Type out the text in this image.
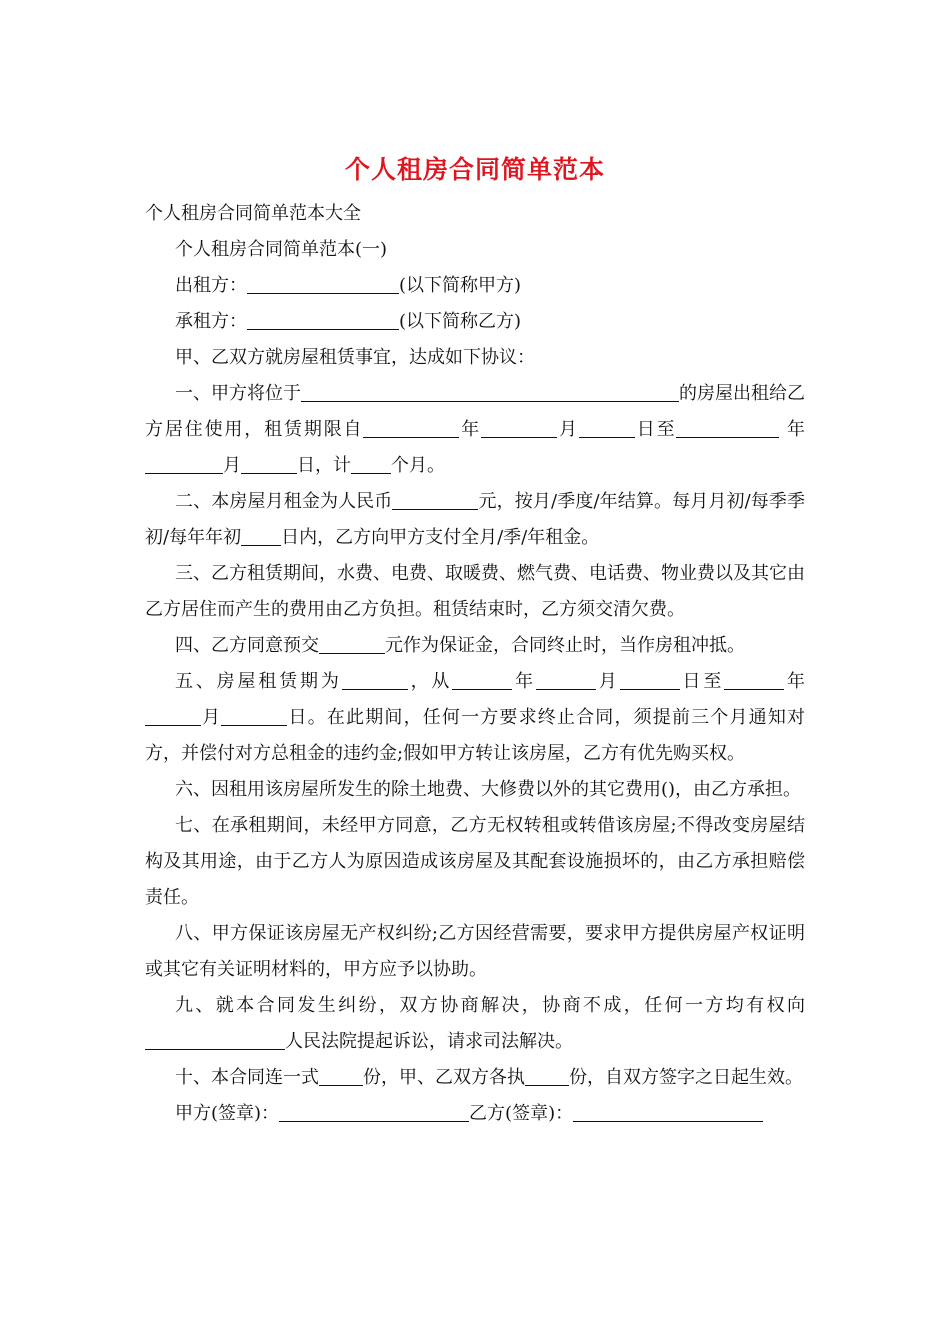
个人租房合同简单范本

个人租房合同简单范本大全

个人租房合同简单范本(一)

出租方：	(以下简称甲方)

承租方：	(以下简称乙方)

甲、乙双方就房屋租赁事宜，达成如下协议：

一、甲方将位于	的房屋出租给乙方居住使用，租赁期限自	年	月	日至	年月	日，计 个月。

二、本房屋月租金为人民币	元，按月/季度/年结算。每月月初/每季季初/每年年初 日内，乙方向甲方支付全月/季/年租金。

三、乙方租赁期间，水费、电费、取暖费、燃气费、电话费、物业费以及其它由乙方居住而产生的费用由乙方负担。租赁结束时，乙方须交清欠费。

四、乙方同意预交	元作为保证金，合同终止时，当作房租冲抵。

五、房屋租赁期为	，从	年	月	日至	年月	日。在此期间，任何一方要求终止合同，须提前三个月通知对方，并偿付对方总租金的违约金;假如甲方转让该房屋，乙方有优先购买权。

六、因租用该房屋所发生的除土地费、大修费以外的其它费用()，由乙方承担。

七、在承租期间，未经甲方同意，乙方无权转租或转借该房屋;不得改变房屋结构及其用途，由于乙方人为原因造成该房屋及其配套设施损坏的，由乙方承担赔偿责任。

八、甲方保证该房屋无产权纠纷;乙方因经营需要，要求甲方提供房屋产权证明或其它有关证明材料的，甲方应予以协助。

九、就本合同发生纠纷，双方协商解决，协商不成，任何一方均有权向人民法院提起诉讼，请求司法解决。

十、本合同连一式 份，甲、乙双方各执 份，自双方签字之日起生效。

甲方(签章)：	乙方(签章)：
